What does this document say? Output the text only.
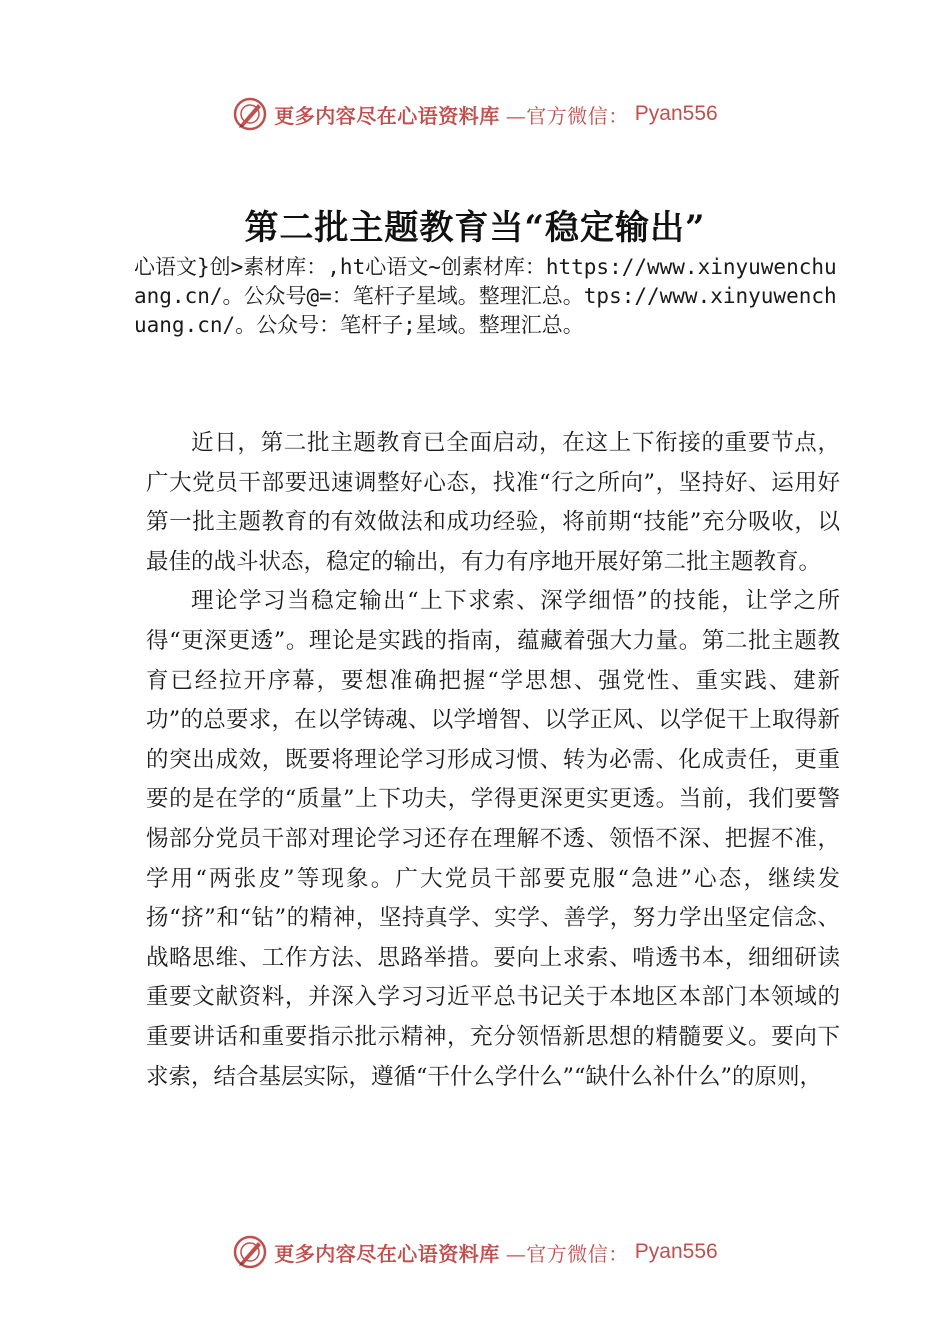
更多内容尽在心语资料库 —官方微信： Pyan556
第二批主题教育当“稳定输出”

心语文}创>素材库：,ht心语文~创素材库：https://www.xinyuwenchuang.cn/。公众号@=：笔杆子星域。整理汇总。tps://www.xinyuwenchuang.cn/。公众号：笔杆子;星域。整理汇总。

近日，第二批主题教育已全面启动，在这上下衔接的重要节点，广大党员干部要迅速调整好心态，找准“行之所向”，坚持好、运用好第一批主题教育的有效做法和成功经验，将前期“技能”充分吸收，以最佳的战斗状态，稳定的输出，有力有序地开展好第二批主题教育。

理论学习当稳定输出“上下求索、深学细悟”的技能，让学之所得“更深更透”。理论是实践的指南，蕴藏着强大力量。第二批主题教育已经拉开序幕，要想准确把握“学思想、强党性、重实践、建新功”的总要求，在以学铸魂、以学增智、以学正风、以学促干上取得新的突出成效，既要将理论学习形成习惯、转为必需、化成责任，更重要的是在学的“质量”上下功夫，学得更深更实更透。当前，我们要警惕部分党员干部对理论学习还存在理解不透、领悟不深、把握不准，学用“两张皮”等现象。广大党员干部要克服“急进”心态，继续发扬“挤”和“钻”的精神，坚持真学、实学、善学，努力学出坚定信念、战略思维、工作方法、思路举措。要向上求索、啃透书本，细细研读重要文献资料，并深入学习习近平总书记关于本地区本部门本领域的重要讲话和重要指示批示精神，充分领悟新思想的精髓要义。要向下求索，结合基层实际，遵循“干什么学什么”“缺什么补什么”的原则，

更多内容尽在心语资料库 —官方微信： Pyan556
